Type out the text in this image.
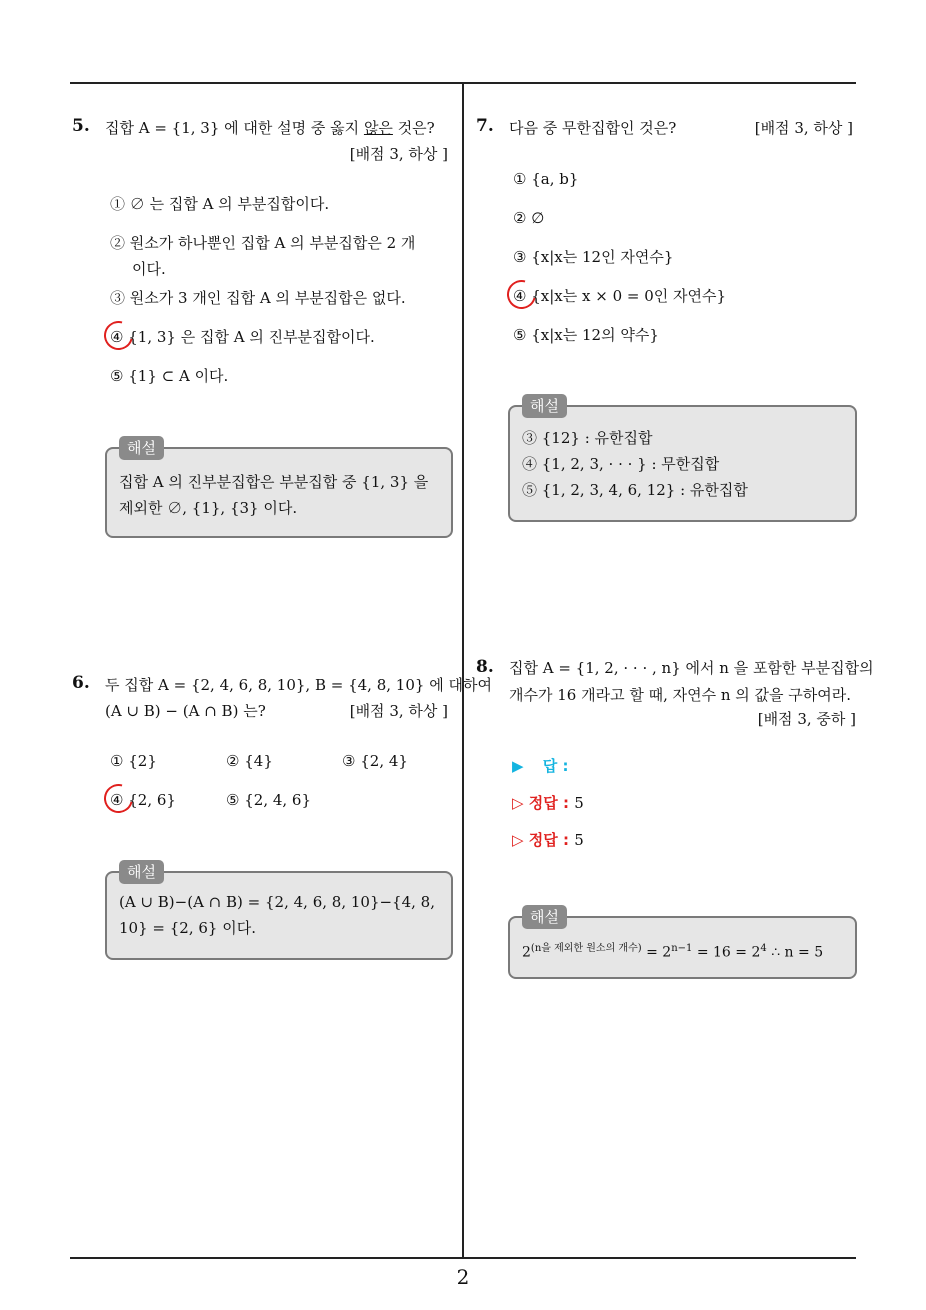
5. 집합 A = {1, 3} 에 대한 설명 중 옳지 않은 것은?
[배점 3, 하상 ]
① ∅ 는 집합 A 의 부분집합이다.
② 원소가 하나뿐인 집합 A 의 부분집합은 2 개이다.
③ 원소가 3 개인 집합 A 의 부분집합은 없다.
④ {1, 3} 은 집합 A 의 진부분집합이다.
⑤ {1} ⊂ A 이다.
해설
집합 A 의 진부분집합은 부분집합 중 {1, 3} 을 제외한 ∅, {1}, {3} 이다.
6. 두 집합 A = {2, 4, 6, 8, 10}, B = {4, 8, 10} 에 대하여
(A ∪ B) − (A ∩ B) 는?	[배점 3, 하상 ]
① {2}	② {4}	③ {2, 4}
④ {2, 6}	⑤ {2, 4, 6}
해설
(A ∪ B)−(A ∩ B) = {2, 4, 6, 8, 10}−{4, 8, 10} = {2, 6} 이다.
7. 다음 중 무한집합인 것은?	[배점 3, 하상 ]
① {a, b}
② ∅
③ {x|x는 12인 자연수}
④ {x|x는 x × 0 = 0인 자연수}
⑤ {x|x는 12의 약수}
해설
③ {12} : 유한집합
④ {1, 2, 3, · · · } : 무한집합
⑤ {1, 2, 3, 4, 6, 12} : 유한집합
8. 집합 A = {1, 2, · · · , n} 에서 n 을 포함한 부분집합의
개수가 16 개라고 할 때, 자연수 n 의 값을 구하여라.
[배점 3, 중하 ]
▶ 답 :
▷ 정답 : 5
▷ 정답 : 5
해설
$2^{(n을 제외한 원소의 개수)} = 2^{n-1} = 16 = 2^4$ ∴ n = 5
2
